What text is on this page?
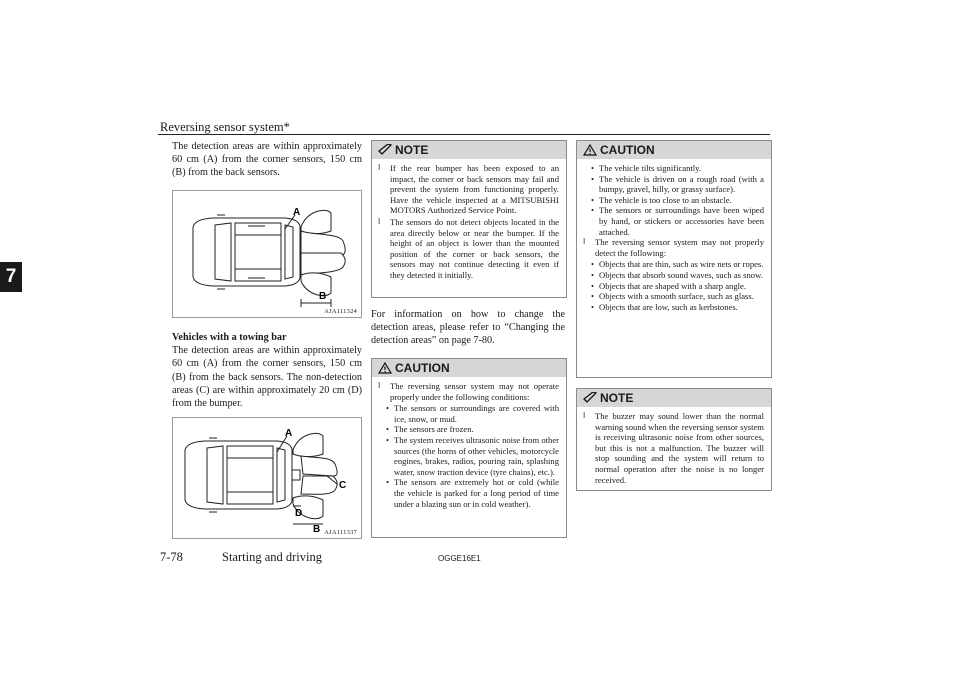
Reversing sensor system*
7
The detection areas are within approximately 60 cm (A) from the corner sensors, 150 cm (B) from the back sensors.
A
B
AJA111324

Vehicles with a towing bar

The detection areas are within approximately 60 cm (A) from the corner sensors, 150 cm (B) from the back sensors. The non-detection areas (C) are within approximately 20 cm (D) from the bumper.

A
C
D
B AJA111337
NOTE
l If the rear bumper has been exposed to an impact, the corner or back sensors may fail and prevent the system from functioning properly. Have the vehicle inspected at a MITSUBISHI MOTORS Authorized Service Point.
l The sensors do not detect objects located in the area directly below or near the bumper. If the height of an object is lower than the mounted position of the corner or back sensors, the sensors may not continue detecting it even if they detected it initially.
For information on how to change the detection areas, please refer to “Changing the detection areas” on page 7-80.
CAUTION
l The reversing sensor system may not operate properly under the following conditions:
• The sensors or surroundings are covered with ice, snow, or mud.
• The sensors are frozen.
• The system receives ultrasonic noise from other sources (the horns of other vehicles, motorcycle engines, brakes, radios, pouring rain, splashing water, snow traction device (tyre chains), etc.).
• The sensors are extremely hot or cold (while the vehicle is parked for a long period of time under a blazing sun or in cold weather).
CAUTION
• The vehicle tilts significantly.
• The vehicle is driven on a rough road (with a bumpy, gravel, hilly, or grassy surface).
• The vehicle is too close to an obstacle.
• The sensors or surroundings have been wiped by hand, or stickers or accessories have been attached.
l The reversing sensor system may not properly detect the following:
• Objects that are thin, such as wire nets or ropes.
• Objects that absorb sound waves, such as snow.
• Objects that are shaped with a sharp angle.
• Objects with a smooth surface, such as glass.
• Objects that are low, such as kerbstones.
NOTE
l The buzzer may sound lower than the normal warning sound when the reversing sensor system is receiving ultrasonic noise from other sources, but this is not a malfunction. The buzzer will stop sounding and the system will return to normal operation after the noise is no longer received.
7-78	Starting and driving	OGGE16E1
